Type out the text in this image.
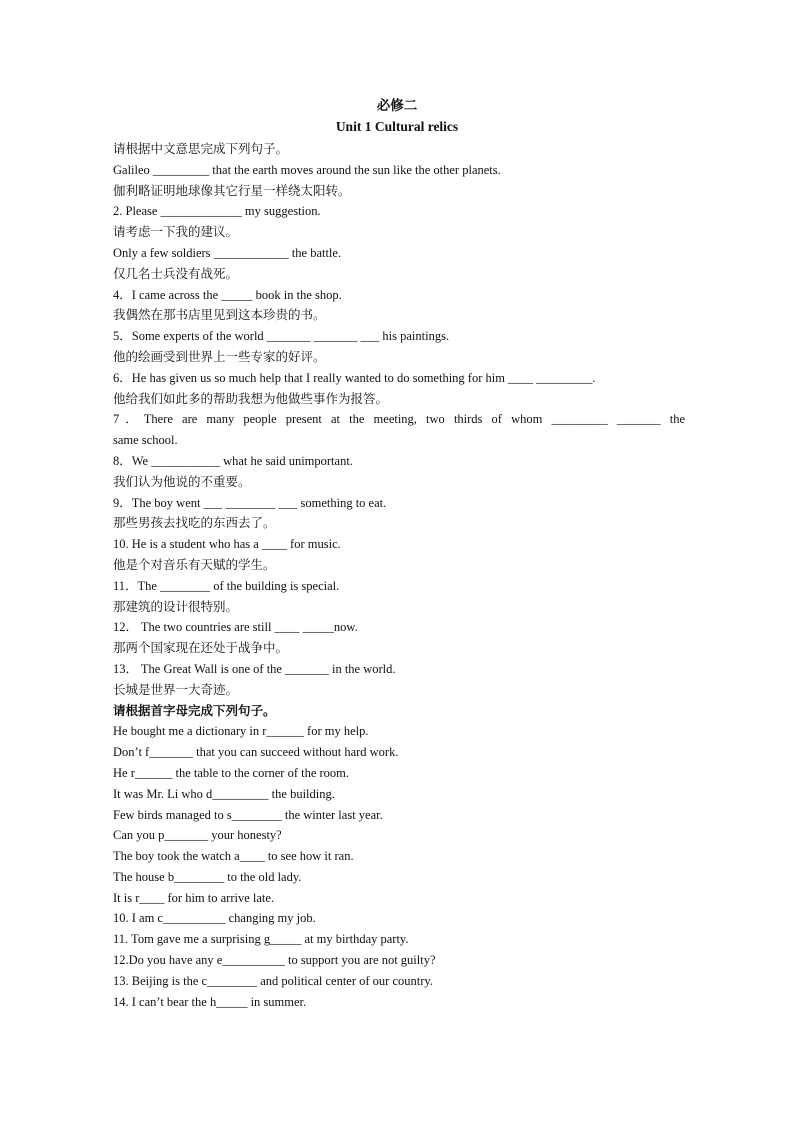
必修二
Unit 1 Cultural relics
请根据中文意思完成下列句子。
Galileo _________ that the earth moves around the sun like the other planets.
伽利略证明地球像其它行星一样绕太阳转。
2. Please _____________ my suggestion.
请考虑一下我的建议。
Only a few soldiers ____________ the battle.
仅几名士兵没有战死。
4．I came across the _____ book in the shop.
我偶然在那书店里见到这本珍贵的书。
5．Some experts of the world _______ _______ ___ his paintings.
他的绘画受到世界上一些专家的好评。
6．He has given us so much help that I really wanted to do something for him ____ _________.
他给我们如此多的帮助我想为他做些事作为报答。
7．There are many people present at the meeting, two thirds of whom _________ _______ the
same school.
8．We ___________ what he said unimportant.
我们认为他说的不重要。
9．The boy went ___ ________ ___ something to eat.
那些男孩去找吃的东西去了。
10. He is a student who has a ____ for music.
他是个对音乐有天赋的学生。
11．The ________ of the building is special.
那建筑的设计很特别。
12． The two countries are still ____ _____now.
那两个国家现在还处于战争中。
13． The Great Wall is one of the _______ in the world.
长城是世界一大奇迹。
请根据首字母完成下列句子。
He bought me a dictionary in r______ for my help.
Don’t f_______ that you can succeed without hard work.
He r______ the table to the corner of the room.
It was Mr. Li who d_________ the building.
Few birds managed to s________ the winter last year.
Can you p_______ your honesty?
The boy took the watch a____ to see how it ran.
The house b________ to the old lady.
It is r____ for him to arrive late.
10. I am c__________ changing my job.
11. Tom gave me a surprising g_____ at my birthday party.
12.Do you have any e__________ to support you are not guilty?
13. Beijing is the c________ and political center of our country.
14. I can’t bear the h_____ in summer.
